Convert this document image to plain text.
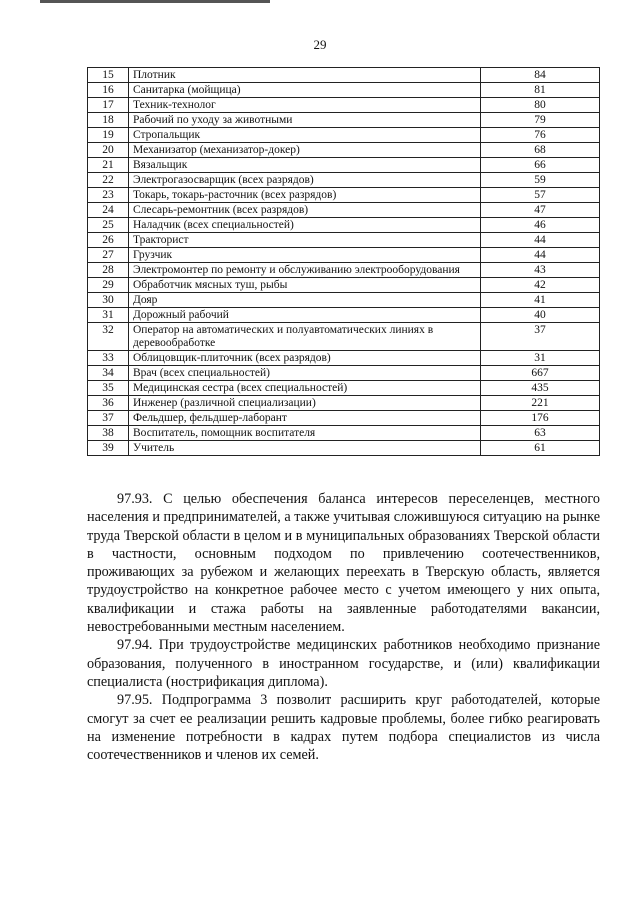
29
15	Плотник	84
16	Санитарка (мойщица)	81
17	Техник-технолог	80
18	Рабочий по уходу за животными	79
19	Стропальщик	76
20	Механизатор (механизатор-докер)	68
21	Вязальщик	66
22	Электрогазосварщик (всех разрядов)	59
23	Токарь, токарь-расточник (всех разрядов)	57
24	Слесарь-ремонтник (всех разрядов)	47
25	Наладчик (всех специальностей)	46
26	Тракторист	44
27	Грузчик	44
28	Электромонтер по ремонту и обслуживанию электрооборудования	43
29	Обработчик мясных туш, рыбы	42
30	Дояр	41
31	Дорожный рабочий	40
32	Оператор на автоматических и полуавтоматических линиях в деревообработке	37
33	Облицовщик-плиточник (всех разрядов)	31
34	Врач (всех специальностей)	667
35	Медицинская сестра (всех специальностей)	435
36	Инженер (различной специализации)	221
37	Фельдшер, фельдшер-лаборант	176
38	Воспитатель, помощник воспитателя	63
39	Учитель	61

97.93. С целью обеспечения баланса интересов переселенцев, местного населения и предпринимателей, а также учитывая сложившуюся ситуацию на рынке труда Тверской области в целом и в муниципальных образованиях Тверской области в частности, основным подходом по привлечению соотечественников, проживающих за рубежом и желающих переехать в Тверскую область, является трудоустройство на конкретное рабочее место с учетом имеющего у них опыта, квалификации и стажа работы на заявленные работодателями вакансии, невостребованными местным населением.

97.94. При трудоустройстве медицинских работников необходимо признание образования, полученного в иностранном государстве, и (или) квалификации специалиста (нострификация диплома).

97.95. Подпрограмма 3 позволит расширить круг работодателей, которые смогут за счет ее реализации решить кадровые проблемы, более гибко реагировать на изменение потребности в кадрах путем подбора специалистов из числа соотечественников и членов их семей.
